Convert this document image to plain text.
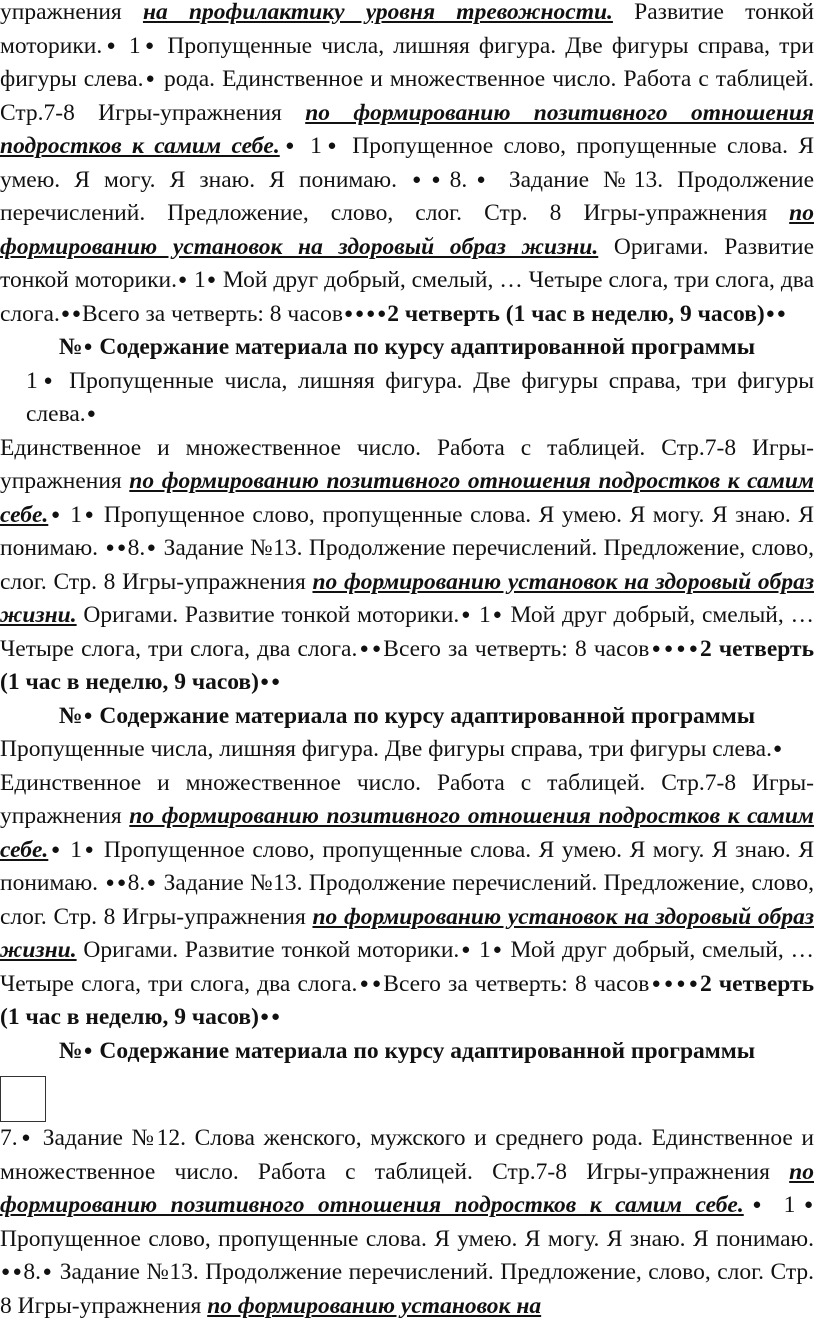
упражнения на профилактику уровня тревожности. Развитие тонкой моторики.● 1● Пропущенные числа, лишняя фигура. Две фигуры справа, три фигуры слева.● рода. Единственное и множественное число. Работа с таблицей. Стр.7-8 Игры-упражнения по формированию позитивного отношения подростков к самим себе.● 1● Пропущенное слово, пропущенные слова. Я умею. Я могу. Я знаю. Я понимаю. ● ● 8.● Задание №13. Продолжение перечислений. Предложение, слово, слог. Стр. 8 Игры-упражнения по формированию установок на здоровый образ жизни. Оригами. Развитие тонкой моторики.● 1● Мой друг добрый, смелый, … Четыре слога, три слога, два слога. ● ● Всего за четверть: 8 часов ● ● ● ● 2 четверть (1 час в неделю, 9 часов)● ●

№● Содержание материала по курсу адаптированной программы

1● Пропущенные числа, лишняя фигура. Две фигуры справа, три фигуры слева.●

Единственное и множественное число. Работа с таблицей. Стр.7-8 Игры-упражнения по формированию позитивного отношения подростков к самим себе.● 1● Пропущенное слово, пропущенные слова. Я умею. Я могу. Я знаю. Я понимаю. ● ● 8.● Задание №13. Продолжение перечислений. Предложение, слово, слог. Стр. 8 Игры-упражнения по формированию установок на здоровый образ жизни. Оригами. Развитие тонкой моторики.● 1● Мой друг добрый, смелый, … Четыре слога, три слога, два слога. ● ● Всего за четверть: 8 часов ● ● ● ● 2 четверть (1 час в неделю, 9 часов)● ●

№● Содержание материала по курсу адаптированной программы

Пропущенные числа, лишняя фигура. Две фигуры справа, три фигуры слева.●

Единственное и множественное число. Работа с таблицей. Стр.7-8 Игры-упражнения по формированию позитивного отношения подростков к самим себе.● 1● Пропущенное слово, пропущенные слова. Я умею. Я могу. Я знаю. Я понимаю. ● ● 8.● Задание №13. Продолжение перечислений. Предложение, слово, слог. Стр. 8 Игры-упражнения по формированию установок на здоровый образ жизни. Оригами. Развитие тонкой моторики.● 1● Мой друг добрый, смелый, … Четыре слога, три слога, два слога. ● ● Всего за четверть: 8 часов ● ● ● ● 2 четверть (1 час в неделю, 9 часов)● ●

№● Содержание материала по курсу адаптированной программы

7.● Задание №12. Слова женского, мужского и среднего рода. Единственное и множественное число. Работа с таблицей. Стр.7-8 Игры-упражнения по формированию позитивного отношения подростков к самим себе.● 1● Пропущенное слово, пропущенные слова. Я умею. Я могу. Я знаю. Я понимаю. ● ● 8.● Задание №13. Продолжение перечислений. Предложение, слово, слог. Стр. 8 Игры-упражнения по формированию установок на
